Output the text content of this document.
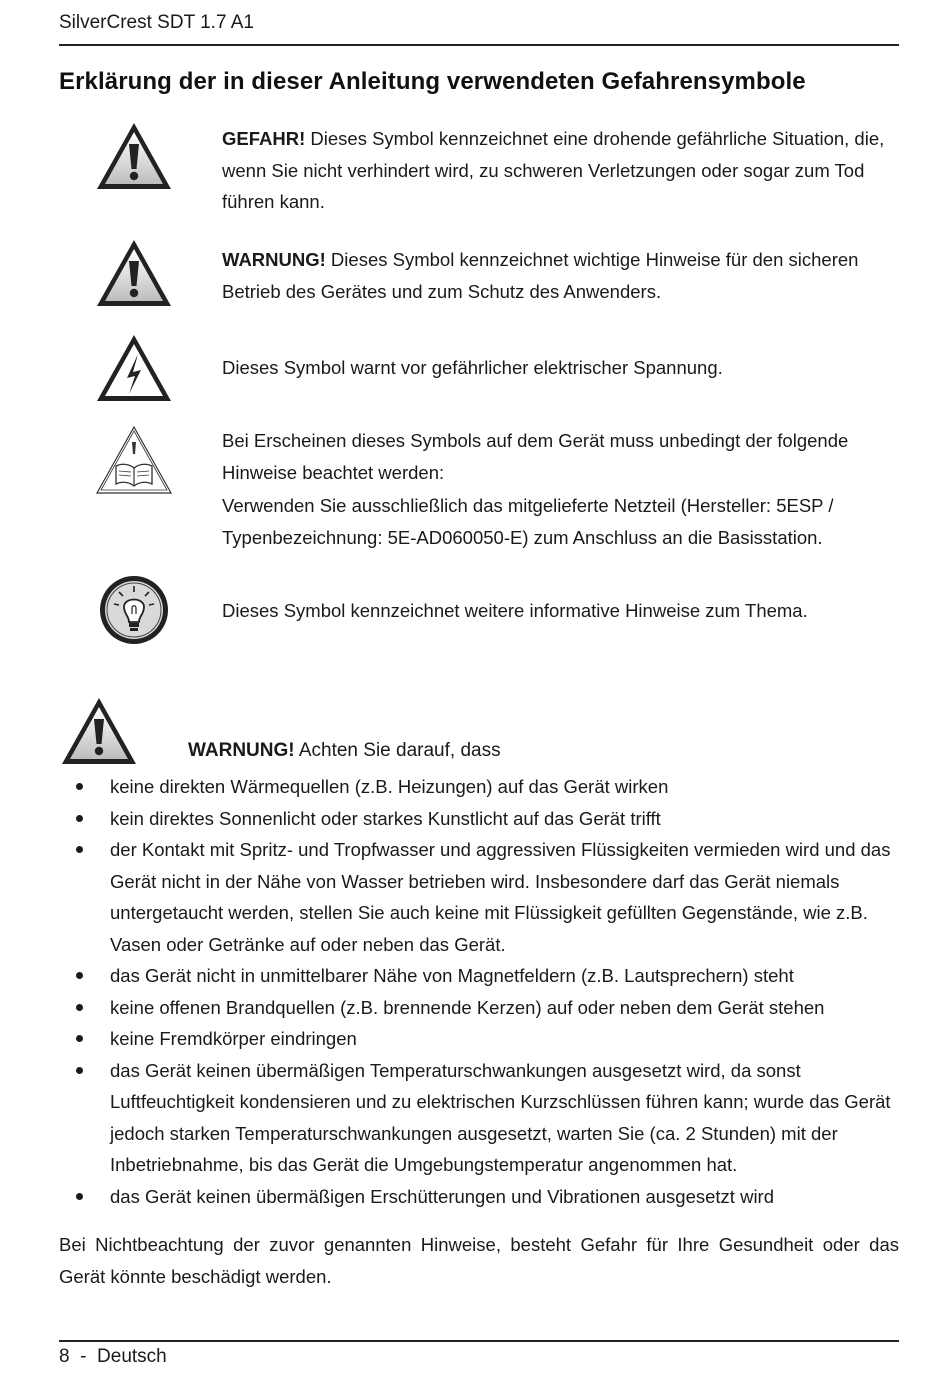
SilverCrest SDT 1.7 A1
Erklärung der in dieser Anleitung verwendeten Gefahrensymbole
GEFAHR! Dieses Symbol kennzeichnet eine drohende gefährliche Situation, die, wenn Sie nicht verhindert wird, zu schweren Verletzungen oder sogar zum Tod führen kann.
WARNUNG! Dieses Symbol kennzeichnet wichtige Hinweise für den sicheren Betrieb des Gerätes und zum Schutz des Anwenders.
Dieses Symbol warnt vor gefährlicher elektrischer Spannung.
Bei Erscheinen dieses Symbols auf dem Gerät muss unbedingt der folgende Hinweise beachtet werden:
Verwenden Sie ausschließlich das mitgelieferte Netzteil (Hersteller: 5ESP / Typenbezeichnung: 5E-AD060050-E) zum Anschluss an die Basisstation.
Dieses Symbol kennzeichnet weitere informative Hinweise zum Thema.
WARNUNG! Achten Sie darauf, dass
keine direkten Wärmequellen (z.B. Heizungen) auf das Gerät wirken
kein direktes Sonnenlicht oder starkes Kunstlicht auf das Gerät trifft
der Kontakt mit Spritz- und Tropfwasser und aggressiven Flüssigkeiten vermieden wird und das Gerät nicht in der Nähe von Wasser betrieben wird. Insbesondere darf das Gerät niemals untergetaucht werden, stellen Sie auch keine mit Flüssigkeit gefüllten Gegenstände, wie z.B. Vasen oder Getränke auf oder neben das Gerät.
das Gerät nicht in unmittelbarer Nähe von Magnetfeldern (z.B. Lautsprechern) steht
keine offenen Brandquellen (z.B. brennende Kerzen) auf oder neben dem Gerät stehen
keine Fremdkörper eindringen
das Gerät keinen übermäßigen Temperaturschwankungen ausgesetzt wird, da sonst Luftfeuchtigkeit kondensieren und zu elektrischen Kurzschlüssen führen kann; wurde das Gerät jedoch starken Temperaturschwankungen ausgesetzt, warten Sie (ca. 2 Stunden) mit der Inbetriebnahme, bis das Gerät die Umgebungstemperatur angenommen hat.
das Gerät keinen übermäßigen Erschütterungen und Vibrationen ausgesetzt wird
Bei Nichtbeachtung der zuvor genannten Hinweise, besteht Gefahr für Ihre Gesundheit oder das Gerät könnte beschädigt werden.
8 - Deutsch
